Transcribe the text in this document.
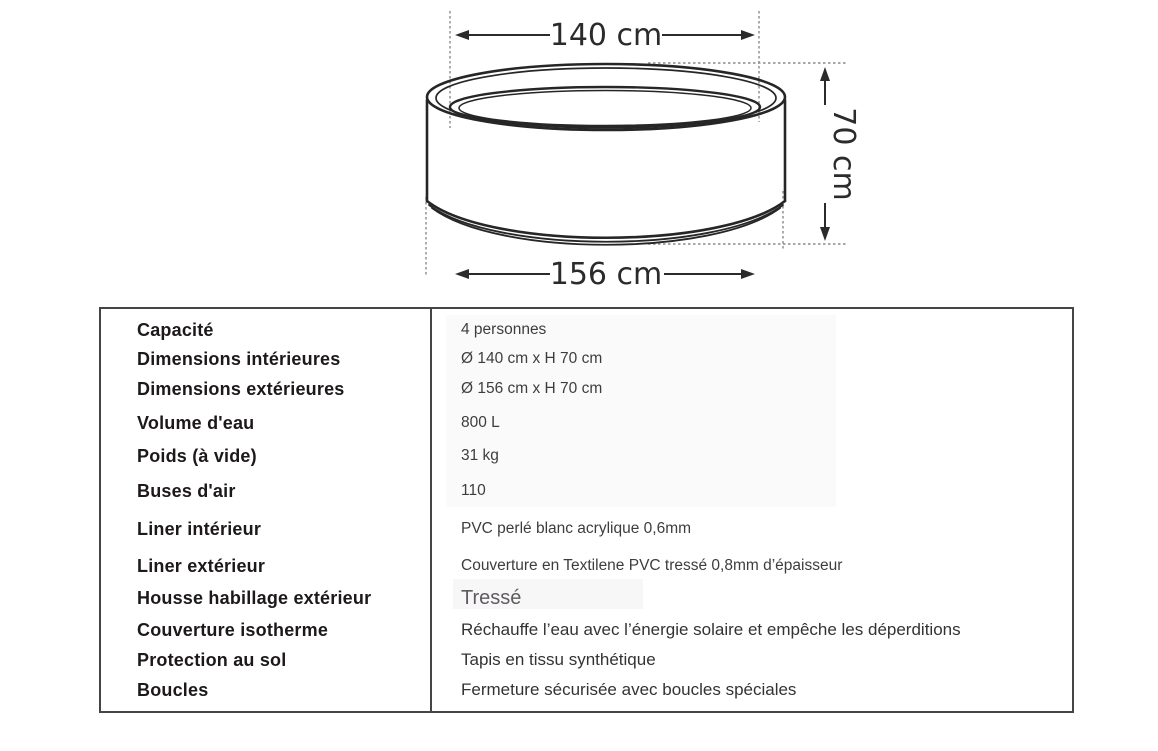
140 cm
156 cm
70 cm
Capacité	4 personnes
Dimensions intérieures	Ø 140 cm x H 70 cm
Dimensions extérieures	Ø 156 cm x H 70 cm
Volume d'eau	800 L
Poids (à vide)	31 kg
Buses d'air	110
Liner intérieur	PVC perlé blanc acrylique 0,6mm
Liner extérieur	Couverture en Textilene PVC tressé 0,8mm d’épaisseur
Housse habillage extérieur	Tressé
Couverture isotherme	Réchauffe l’eau avec l’énergie solaire et empêche les déperditions
Protection au sol	Tapis en tissu synthétique
Boucles	Fermeture sécurisée avec boucles spéciales
